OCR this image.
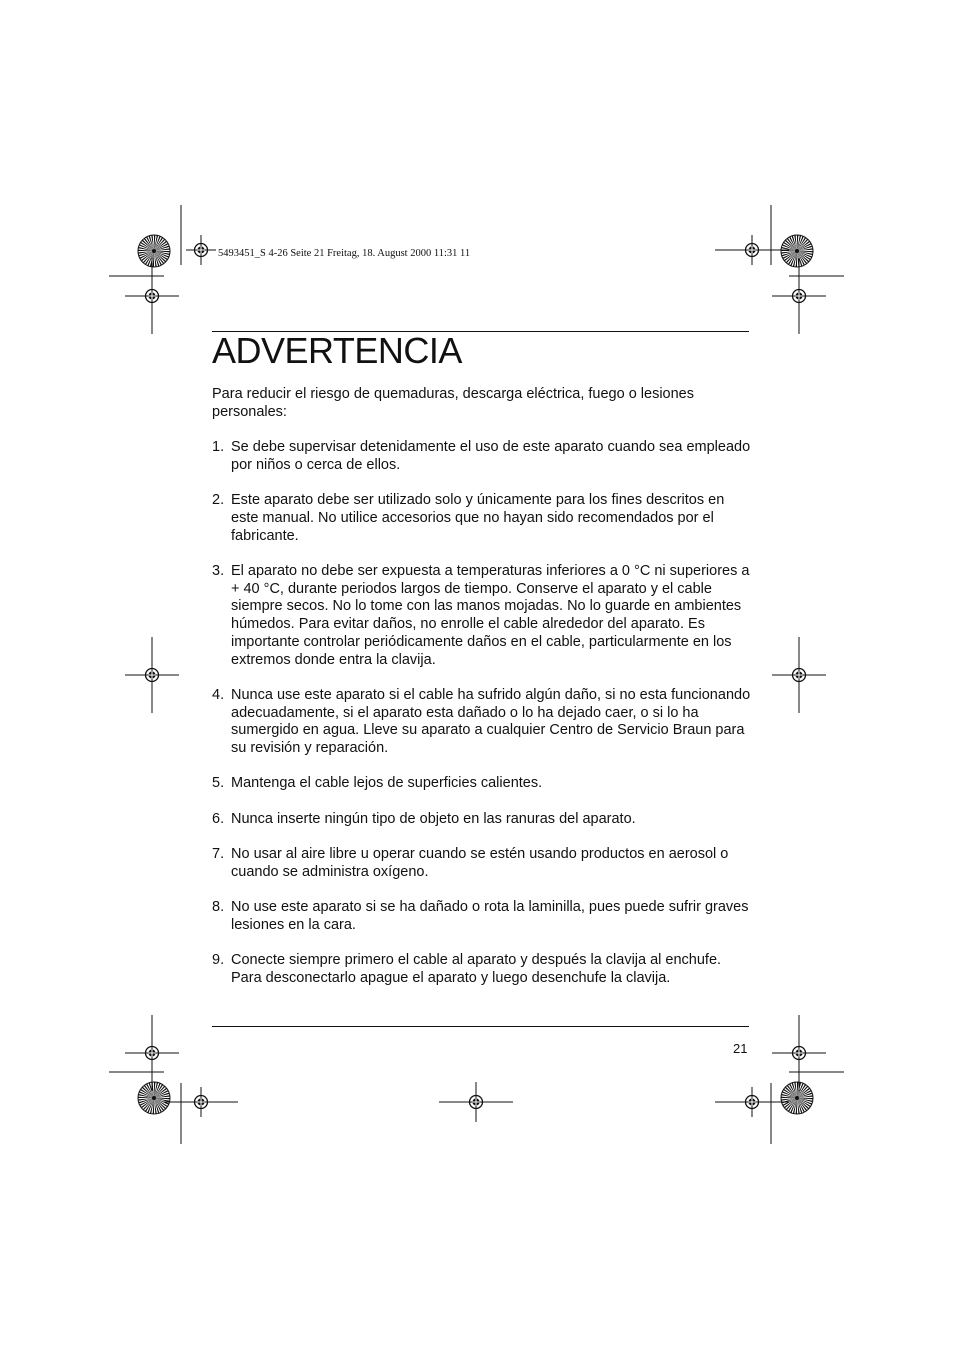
5493451_S 4-26 Seite 21 Freitag, 18. August 2000 11:31 11
ADVERTENCIA

Para reducir el riesgo de quemaduras, descarga eléctrica, fuego o lesiones personales:

1. Se debe supervisar detenidamente el uso de este aparato cuando sea empleado por niños o cerca de ellos.
2. Este aparato debe ser utilizado solo y únicamente para los fines descritos en este manual. No utilice accesorios que no hayan sido recomendados por el fabricante.
3. El aparato no debe ser expuesta a temperaturas inferiores a 0 °C ni superiores a + 40 °C, durante periodos largos de tiempo. Conserve el aparato y el cable siempre secos. No lo tome con las manos mojadas. No lo guarde en ambientes húmedos. Para evitar daños, no enrolle el cable alrededor del aparato. Es importante controlar periódicamente daños en el cable, particularmente en los extremos donde entra la clavija.
4. Nunca use este aparato si el cable ha sufrido algún daño, si no esta funcionando adecuadamente, si el aparato esta dañado o lo ha dejado caer, o si lo ha sumergido en agua. Lleve su aparato a cualquier Centro de Servicio Braun para su revisión y reparación.
5. Mantenga el cable lejos de superficies calientes.
6. Nunca inserte ningún tipo de objeto en las ranuras del aparato.
7. No usar al aire libre u operar cuando se estén usando productos en aerosol o cuando se administra oxígeno.
8. No use este aparato si se ha dañado o rota la laminilla, pues puede sufrir graves lesiones en la cara.
9. Conecte siempre primero el cable al aparato y después la clavija al enchufe. Para desconectarlo apague el aparato y luego desenchufe la clavija.
21
